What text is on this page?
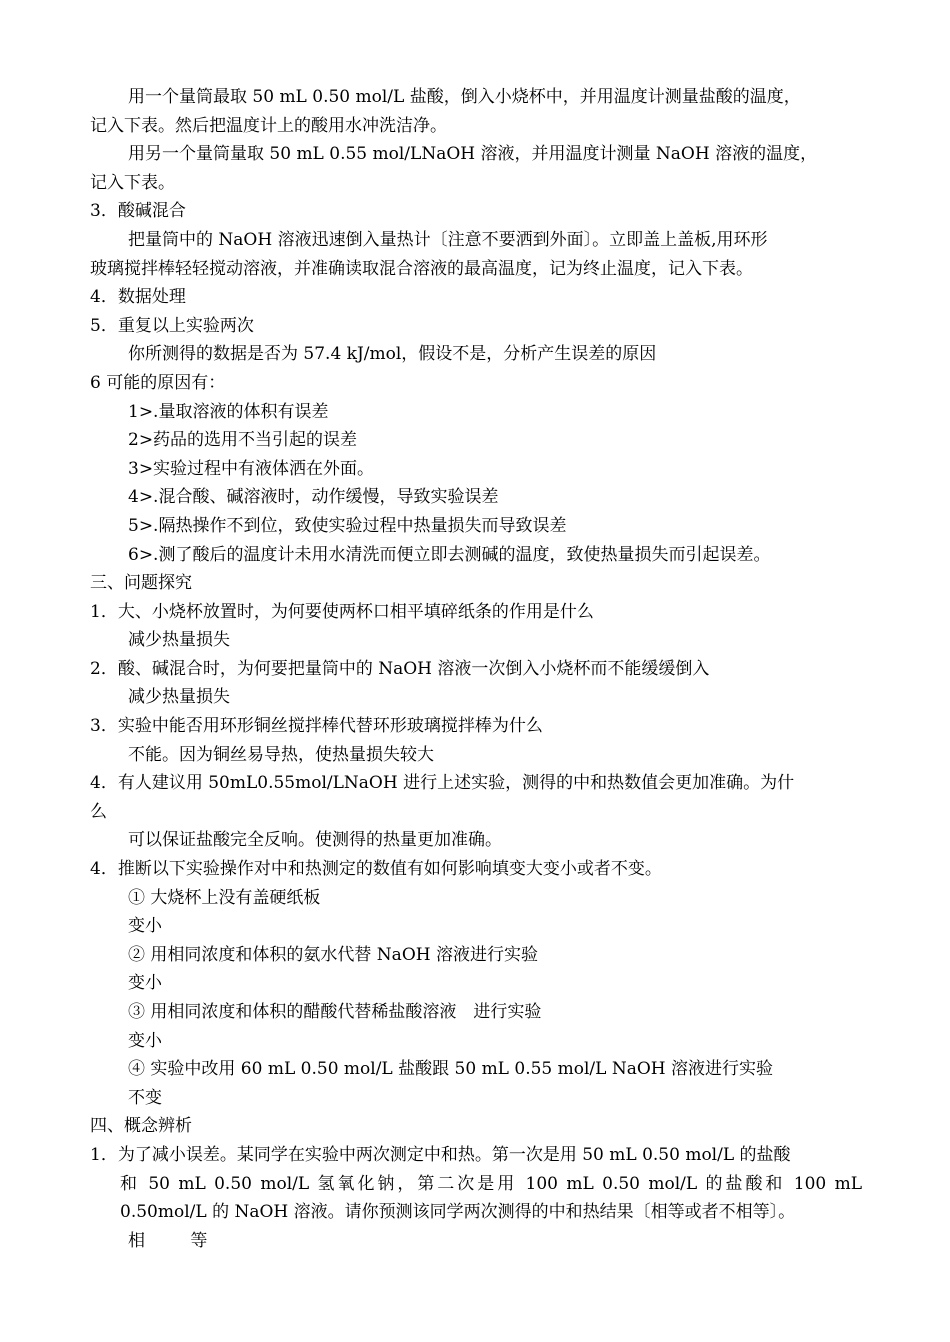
用一个量筒最取 50 mL 0.50 mol/L 盐酸，倒入小烧杯中，并用温度计测量盐酸的温度，
记入下表。然后把温度计上的酸用水冲洗洁净。
用另一个量筒量取 50 mL 0.55 mol/LNaOH 溶液，并用温度计测量 NaOH 溶液的温度，
记入下表。
3．酸碱混合
把量筒中的 NaOH 溶液迅速倒入量热计〔注意不要洒到外面〕。立即盖上盖板,用环形
玻璃搅拌棒轻轻搅动溶液，并准确读取混合溶液的最高温度，记为终止温度，记入下表。
4．数据处理
5．重复以上实验两次
你所测得的数据是否为 57.4 kJ/mol，假设不是，分析产生误差的原因
6 可能的原因有：
1>.量取溶液的体积有误差
2>药品的选用不当引起的误差
3>实验过程中有液体洒在外面。
4>.混合酸、碱溶液时，动作缓慢，导致实验误差
5>.隔热操作不到位，致使实验过程中热量损失而导致误差
6>.测了酸后的温度计未用水清洗而便立即去测碱的温度，致使热量损失而引起误差。
三、问题探究
1．大、小烧杯放置时，为何要使两杯口相平填碎纸条的作用是什么
减少热量损失
2．酸、碱混合时，为何要把量筒中的 NaOH 溶液一次倒入小烧杯而不能缓缓倒入
减少热量损失
3．实验中能否用环形铜丝搅拌棒代替环形玻璃搅拌棒为什么
不能。因为铜丝易导热，使热量损失较大
4．有人建议用 50mL0.55mol/LNaOH 进行上述实验，测得的中和热数值会更加准确。为什
么
可以保证盐酸完全反响。使测得的热量更加准确。
4．推断以下实验操作对中和热测定的数值有如何影响填变大变小或者不变。
① 大烧杯上没有盖硬纸板
变小
② 用相同浓度和体积的氨水代替 NaOH 溶液进行实验
变小
③ 用相同浓度和体积的醋酸代替稀盐酸溶液　进行实验
变小
④ 实验中改用 60 mL 0.50 mol/L 盐酸跟 50 mL 0.55 mol/L NaOH 溶液进行实验
不变
四、概念辨析
1．为了减小误差。某同学在实验中两次测定中和热。第一次是用 50 mL 0.50 mol/L 的盐酸
和 50 mL 0.50 mol/L 氢氧化钠，第二次是用 100 mL 0.50 mol/L 的盐酸和 100 mL
0.50mol/L 的 NaOH 溶液。请你预测该同学两次测得的中和热结果〔相等或者不相等〕。
相 等
